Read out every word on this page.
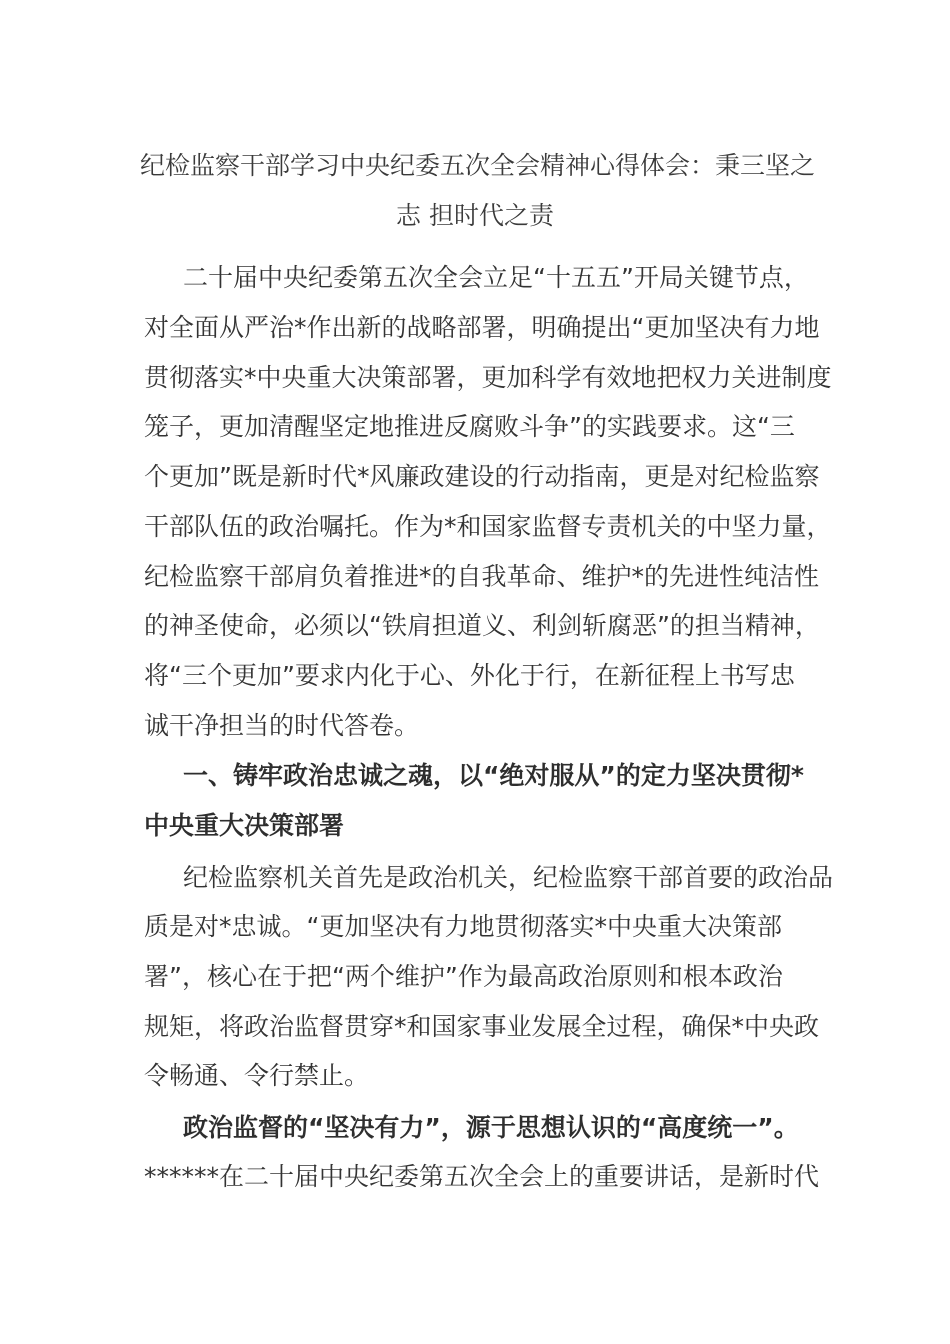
纪检监察干部学习中央纪委五次全会精神心得体会：秉三坚之
志 担时代之责
二十届中央纪委第五次全会立足“十五五”开局关键节点，
对全面从严治*作出新的战略部署，明确提出“更加坚决有力地
贯彻落实*中央重大决策部署，更加科学有效地把权力关进制度
笼子，更加清醒坚定地推进反腐败斗争”的实践要求。这“三
个更加”既是新时代*风廉政建设的行动指南，更是对纪检监察
干部队伍的政治嘱托。作为*和国家监督专责机关的中坚力量，
纪检监察干部肩负着推进*的自我革命、维护*的先进性纯洁性
的神圣使命，必须以“铁肩担道义、利剑斩腐恶”的担当精神，
将“三个更加”要求内化于心、外化于行，在新征程上书写忠
诚干净担当的时代答卷。
一、铸牢政治忠诚之魂，以“绝对服从”的定力坚决贯彻*
中央重大决策部署
纪检监察机关首先是政治机关，纪检监察干部首要的政治品
质是对*忠诚。“更加坚决有力地贯彻落实*中央重大决策部
署”，核心在于把“两个维护”作为最高政治原则和根本政治
规矩，将政治监督贯穿*和国家事业发展全过程，确保*中央政
令畅通、令行禁止。
政治监督的“坚决有力”，源于思想认识的“高度统一”。
******在二十届中央纪委第五次全会上的重要讲话，是新时代
